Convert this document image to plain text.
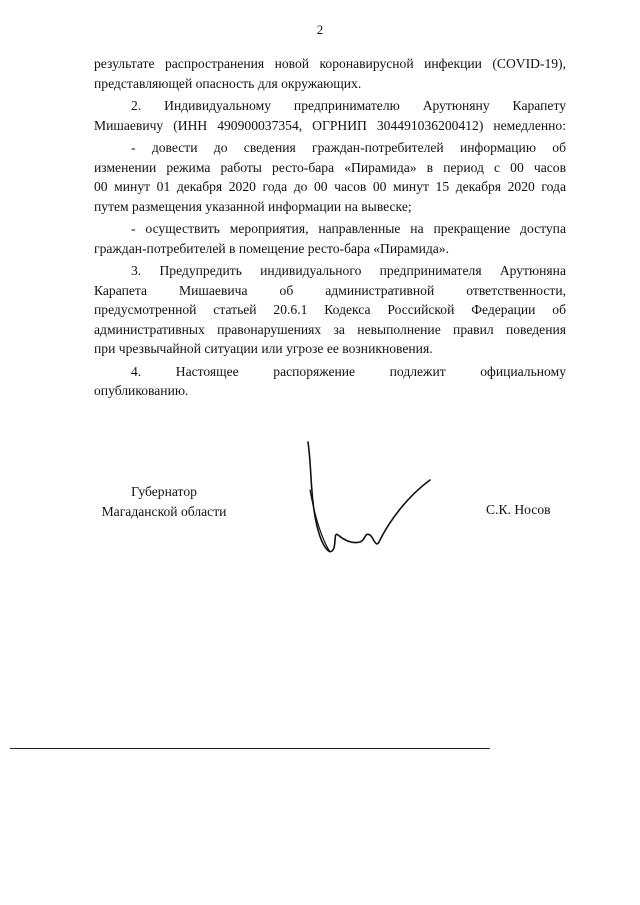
2
результате распространения новой коронавирусной инфекции (COVID-19),
представляющей опасность для окружающих.
2. Индивидуальному предпринимателю Арутюняну Карапету
Мишаевичу (ИНН 490900037354, ОГРНИП 304491036200412) немедленно:
- довести до сведения граждан-потребителей информацию об
изменении режима работы ресто-бара «Пирамида» в период с 00 часов
00 минут 01 декабря 2020 года до 00 часов 00 минут 15 декабря 2020 года
путем размещения указанной информации на вывеске;
- осуществить мероприятия, направленные на прекращение доступа
граждан-потребителей в помещение ресто-бара «Пирамида».
3. Предупредить индивидуального предпринимателя Арутюняна
Карапета Мишаевича об административной ответственности,
предусмотренной статьей 20.6.1 Кодекса Российской Федерации об
административных правонарушениях за невыполнение правил поведения
при чрезвычайной ситуации или угрозе ее возникновения.
4. Настоящее распоряжение подлежит официальному
опубликованию.
Губернатор
Магаданской области	С.К. Носов
